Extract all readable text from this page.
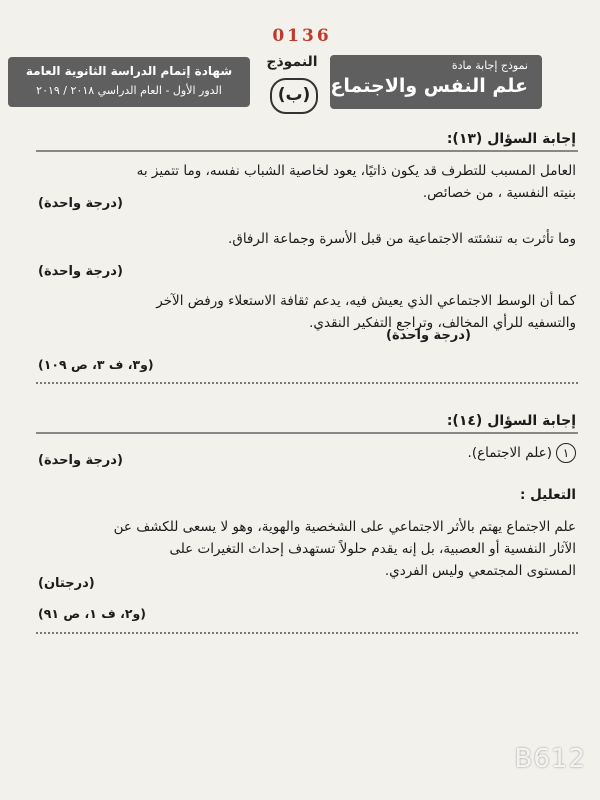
0136
شهادة إتمام الدراسة الثانوية العامة
الدور الأول - العام الدراسي ٢٠١٨ / ٢٠١٩
النموذج
(ب)
نموذج إجابة مادة
علم النفس والاجتماع
إجابة السؤال (١٣):
العامل المسبب للتطرف قد يكون ذاتيًا، يعود لخاصية الشباب نفسه، وما تتميز به
بنيته النفسية ، من خصائص.
(درجة واحدة)
وما تأثرت به تنشئته الاجتماعية من قبل الأسرة وجماعة الرفاق.
(درجة واحدة)
كما أن الوسط الاجتماعي الذي يعيش فيه، يدعم ثقافة الاستعلاء ورفض الآخر
والتسفيه للرأي المخالف، وتراجع التفكير النقدي.
(درجة واحدة)
(و٣، ف ٣، ص ١٠٩)
إجابة السؤال (١٤):
١(علم الاجتماع).
(درجة واحدة)
التعليل :
علم الاجتماع يهتم بالأثر الاجتماعي على الشخصية والهوية، وهو لا يسعى للكشف عن
الآثار النفسية أو العصبية، بل إنه يقدم حلولاً تستهدف إحداث التغيرات على
المستوى المجتمعي وليس الفردي.
(درجتان)
(و٢، ف ١، ص ٩١)
B612
